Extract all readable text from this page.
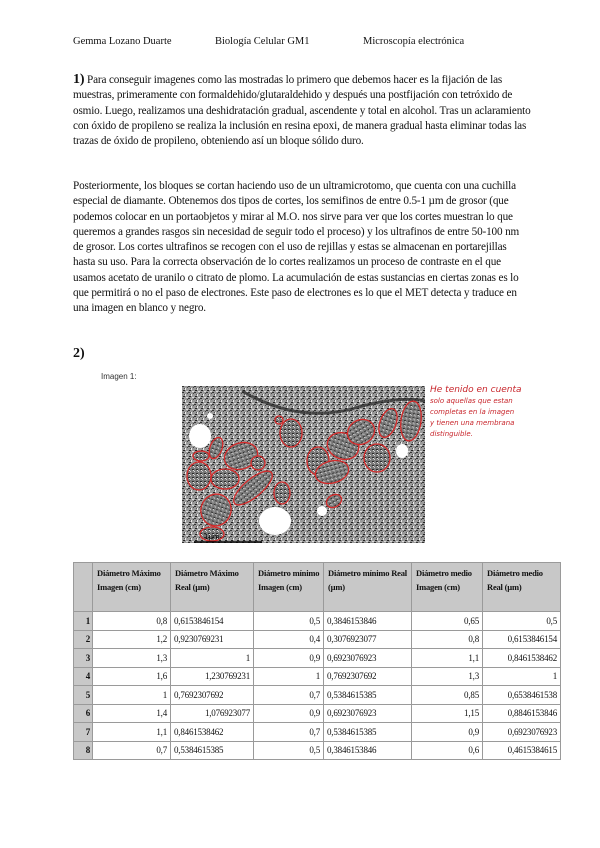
Gemma Lozano Duarte	Biología Celular GM1	Microscopía electrónica
1) Para conseguir imagenes como las mostradas lo primero que debemos hacer es la fijación de las muestras, primeramente con formaldehido/glutaraldehido y después una postfijación con tetróxido de osmio. Luego, realizamos una deshidratación gradual, ascendente y total en alcohol. Tras un aclaramiento con óxido de propileno se realiza la inclusión en resina epoxi, de manera gradual hasta eliminar todas las trazas de óxido de propileno, obteniendo así un bloque sólido duro.
Posteriormente, los bloques se cortan haciendo uso de un ultramicrotomo, que cuenta con una cuchilla especial de diamante. Obtenemos dos tipos de cortes, los semifinos de entre 0.5-1 µm de grosor (que podemos colocar en un portaobjetos y mirar al M.O. nos sirve para ver que los cortes muestran lo que queremos a grandes rasgos sin necesidad de seguir todo el proceso) y los ultrafinos de entre 50-100 nm de grosor. Los cortes ultrafinos se recogen con el uso de rejillas y estas se almacenan en portarejillas hasta su uso. Para la correcta observación de lo cortes realizamos un proceso de contraste en el que usamos acetato de uranilo o citrato de plomo. La acumulación de estas sustancias en ciertas zonas es lo que permitirá o no el paso de electrones. Este paso de electrones es lo que el MET detecta y traduce en una imagen en blanco y negro.
2)
Imagen 1:
1µm
He tenido en cuenta
solo aquellas que estan
completas en la imagen
y tienen una membrana
distinguible.
	Diámetro Máximo Imagen (cm)	Diámetro Máximo Real (µm)	Diámetro mínimo Imagen (cm)	Diámetro mínimo Real (µm)	Diámetro medio Imagen (cm)	Diámetro medio Real (µm)
1	0,8	0,6153846154	0,5	0,3846153846	0,65	0,5
2	1,2	0,9230769231	0,4	0,3076923077	0,8	0,6153846154
3	1,3	1	0,9	0,6923076923	1,1	0,8461538462
4	1,6	1,230769231	1	0,7692307692	1,3	1
5	1	0,7692307692	0,7	0,5384615385	0,85	0,6538461538
6	1,4	1,076923077	0,9	0,6923076923	1,15	0,8846153846
7	1,1	0,8461538462	0,7	0,5384615385	0,9	0,6923076923
8	0,7	0,5384615385	0,5	0,3846153846	0,6	0,4615384615
